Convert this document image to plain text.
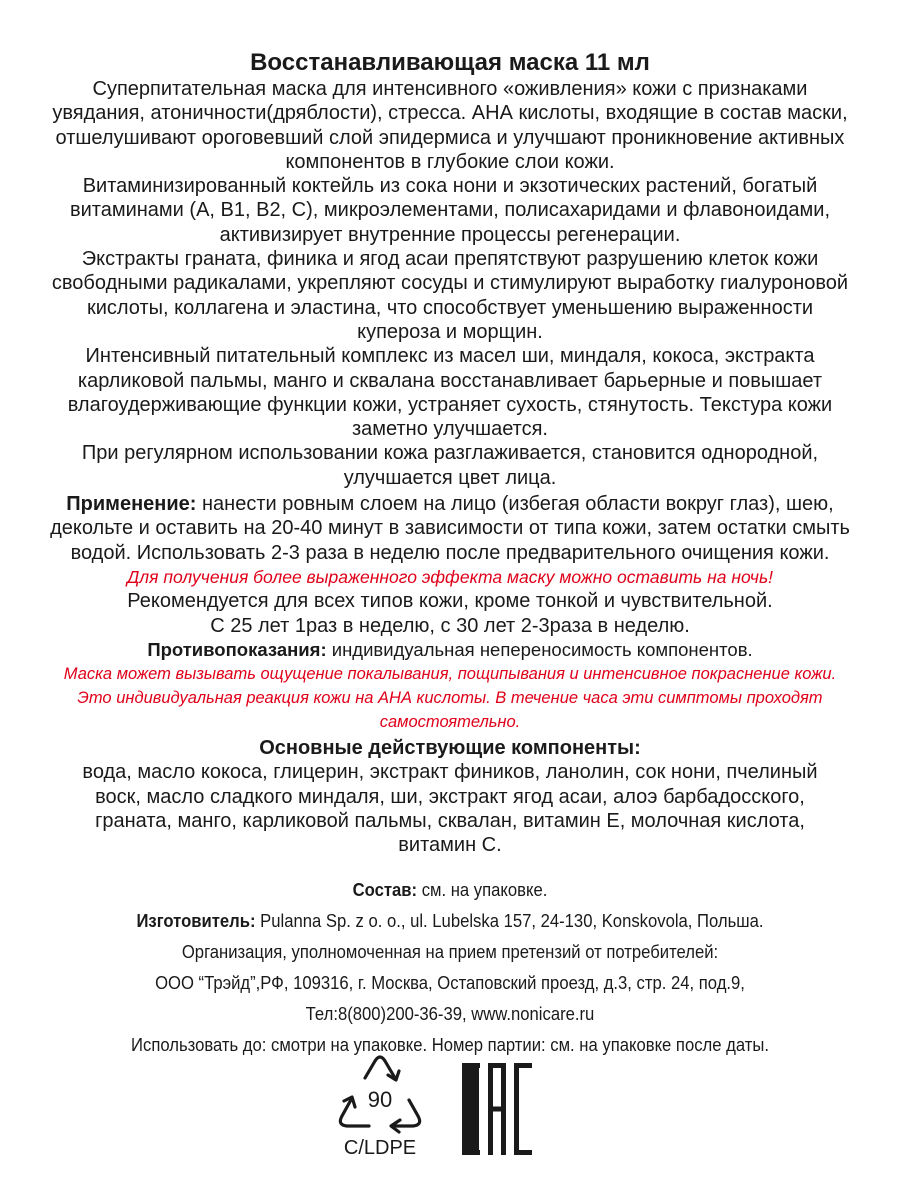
Восстанавливающая маска 11 мл

Суперпитательная маска для интенсивного «оживления» кожи с признаками увядания, атоничности(дряблости), стресса. АНА кислоты, входящие в состав маски, отшелушивают ороговевший слой эпидермиса и улучшают проникновение активных компонентов в глубокие слои кожи.

Витаминизированный коктейль из сока нони и экзотических растений, богатый витаминами (А, В1, В2, С), микроэлементами, полисахаридами и флавоноидами, активизирует внутренние процессы регенерации.

Экстракты граната, финика и ягод асаи препятствуют разрушению клеток кожи свободными радикалами, укрепляют сосуды и стимулируют выработку гиалуроновой кислоты, коллагена и эластина, что способствует уменьшению выраженности купероза и морщин.

Интенсивный питательный комплекс из масел ши, миндаля, кокоса, экстракта карликовой пальмы, манго и сквалана восстанавливает барьерные и повышает влагоудерживающие функции кожи, устраняет сухость, стянутость. Текстура кожи заметно улучшается.

При регулярном использовании кожа разглаживается, становится однородной, улучшается цвет лица.

Применение: нанести ровным слоем на лицо (избегая области вокруг глаз), шею, декольте и оставить на 20-40 минут в зависимости от типа кожи, затем остатки смыть водой. Использовать 2-3 раза в неделю после предварительного очищения кожи.

Для получения более выраженного эффекта маску можно оставить на ночь!

Рекомендуется для всех типов кожи, кроме тонкой и чувствительной.

С 25 лет 1раз в неделю, с 30 лет 2-3раза в неделю.

Противопоказания: индивидуальная непереносимость компонентов.

Маска может вызывать ощущение покалывания, пощипывания и интенсивное покраснение кожи. Это индивидуальная реакция кожи на АНА кислоты. В течение часа эти симптомы проходят самостоятельно.

Основные действующие компоненты:

вода, масло кокоса, глицерин, экстракт фиников, ланолин, сок нони, пчелиный воск, масло сладкого миндаля, ши, экстракт ягод асаи, алоэ барбадосского, граната, манго, карликовой пальмы, сквалан, витамин Е, молочная кислота, витамин С.

Состав: см. на упаковке.

Изготовитель: Pulanna Sp. z o. o., ul. Lubelska 157, 24-130, Konskovola, Польша.

Организация, уполномоченная на прием претензий от потребителей:

ООО “Трэйд”,РФ, 109316, г. Москва, Остаповский проезд, д.3, стр. 24, под.9,

Тел:8(800)200-36-39, www.nonicare.ru

Использовать до: смотри на упаковке. Номер партии: см. на упаковке после даты.

90
C/LDPE
